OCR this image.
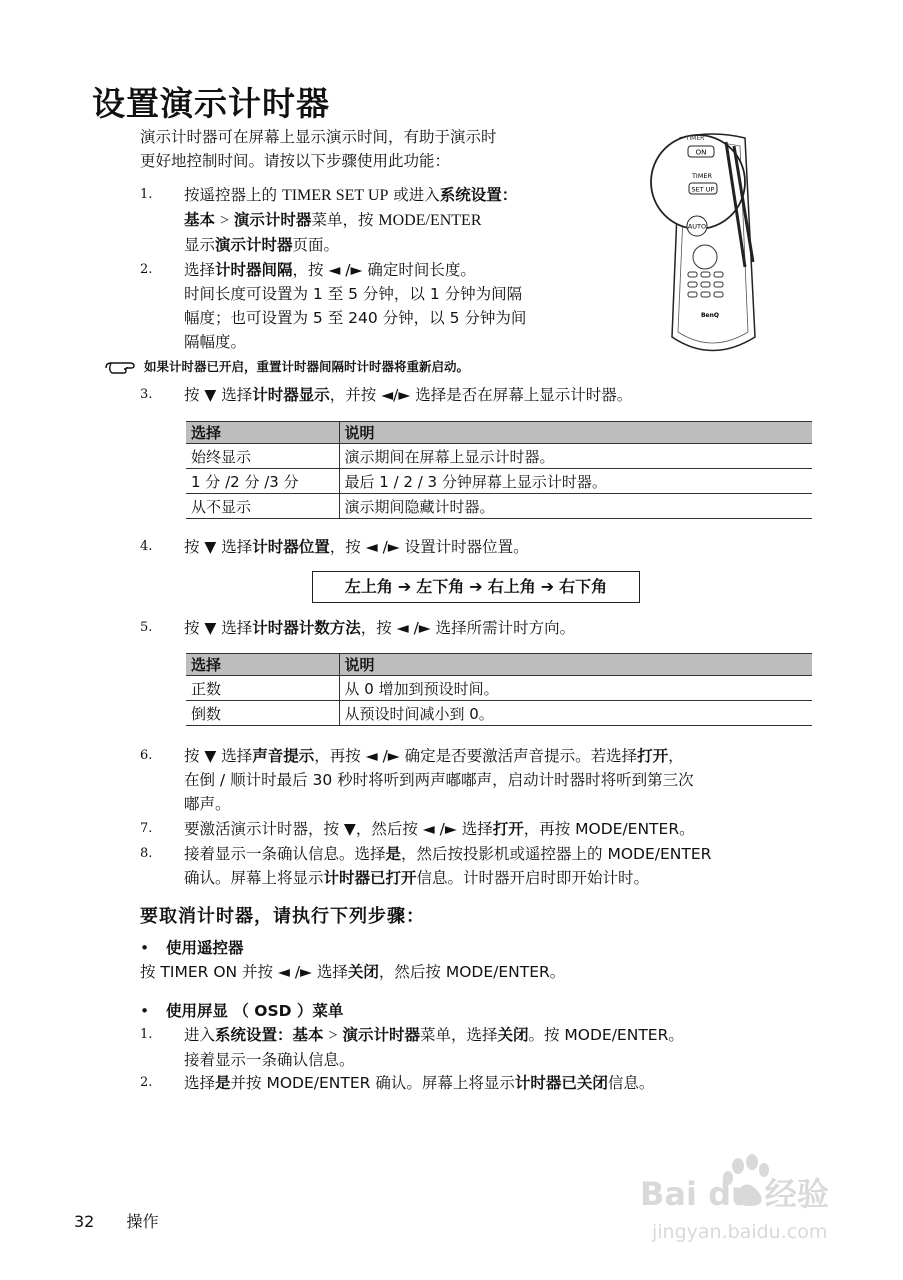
设置演示计时器
演示计时器可在屏幕上显示演示时间，有助于演示时
更好地控制时间。请按以下步骤使用此功能：
TIMER
ON
TIMER
SET UP
AUTO
BenQ
1. 按遥控器上的 TIMER SET UP 或进入系统设置：
基本 > 演示计时器菜单，按 MODE/ENTER
显示演示计时器页面。
2. 选择计时器间隔，按 ◄ /► 确定时间长度。
时间长度可设置为 1 至 5 分钟，以 1 分钟为间隔
幅度；也可设置为 5 至 240 分钟，以 5 分钟为间
隔幅度。
如果计时器已开启，重置计时器间隔时计时器将重新启动。
3. 按 ▼ 选择计时器显示，并按 ◄/► 选择是否在屏幕上显示计时器。
选择	说明
始终显示	演示期间在屏幕上显示计时器。
1 分 /2 分 /3 分	最后 1 / 2 / 3 分钟屏幕上显示计时器。
从不显示	演示期间隐藏计时器。
4. 按 ▼ 选择计时器位置，按 ◄ /► 设置计时器位置。
左上角 ➔ 左下角 ➔ 右上角 ➔ 右下角
5. 按 ▼ 选择计时器计数方法，按 ◄ /► 选择所需计时方向。
选择	说明
正数	从 0 增加到预设时间。
倒数	从预设时间减小到 0。
6. 按 ▼ 选择声音提示，再按 ◄ /► 确定是否要激活声音提示。若选择打开，
在倒 / 顺计时最后 30 秒时将听到两声嘟嘟声，启动计时器时将听到第三次
嘟声。
7. 要激活演示计时器，按 ▼，然后按 ◄ /► 选择打开，再按 MODE/ENTER。
8. 接着显示一条确认信息。选择是，然后按投影机或遥控器上的 MODE/ENTER
确认。屏幕上将显示计时器已打开信息。计时器开启时即开始计时。
要取消计时器，请执行下列步骤：
• 使用遥控器
按 TIMER ON 并按 ◄ /► 选择关闭，然后按 MODE/ENTER。
• 使用屏显 （ OSD ）菜单
1. 进入系统设置：基本 > 演示计时器菜单，选择关闭。按 MODE/ENTER。
接着显示一条确认信息。
2. 选择是并按 MODE/ENTER 确认。屏幕上将显示计时器已关闭信息。
32 操作
Bai du 经验
jingyan.baidu.com
